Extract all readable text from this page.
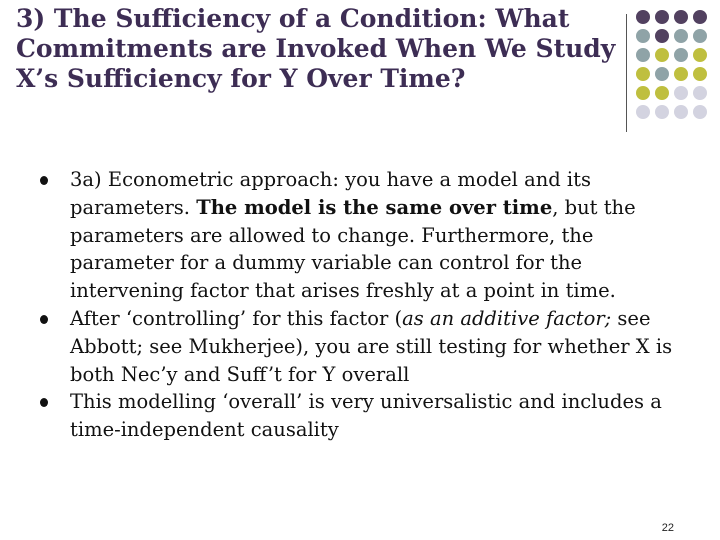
3) The Sufficiency of a Condition: What Commitments are Invoked When We Study X’s Sufficiency for Y Over Time?
3a) Econometric approach: you have a model and its parameters. The model is the same over time, but the parameters are allowed to change. Furthermore, the parameter for a dummy variable can control for the intervening factor that arises freshly at a point in time.
After ‘controlling’ for this factor (as an additive factor; see Abbott; see Mukherjee), you are still testing for whether X is both Nec’y and Suff’t for Y overall
This modelling ‘overall’ is very universalistic and includes a time-independent causality
22
